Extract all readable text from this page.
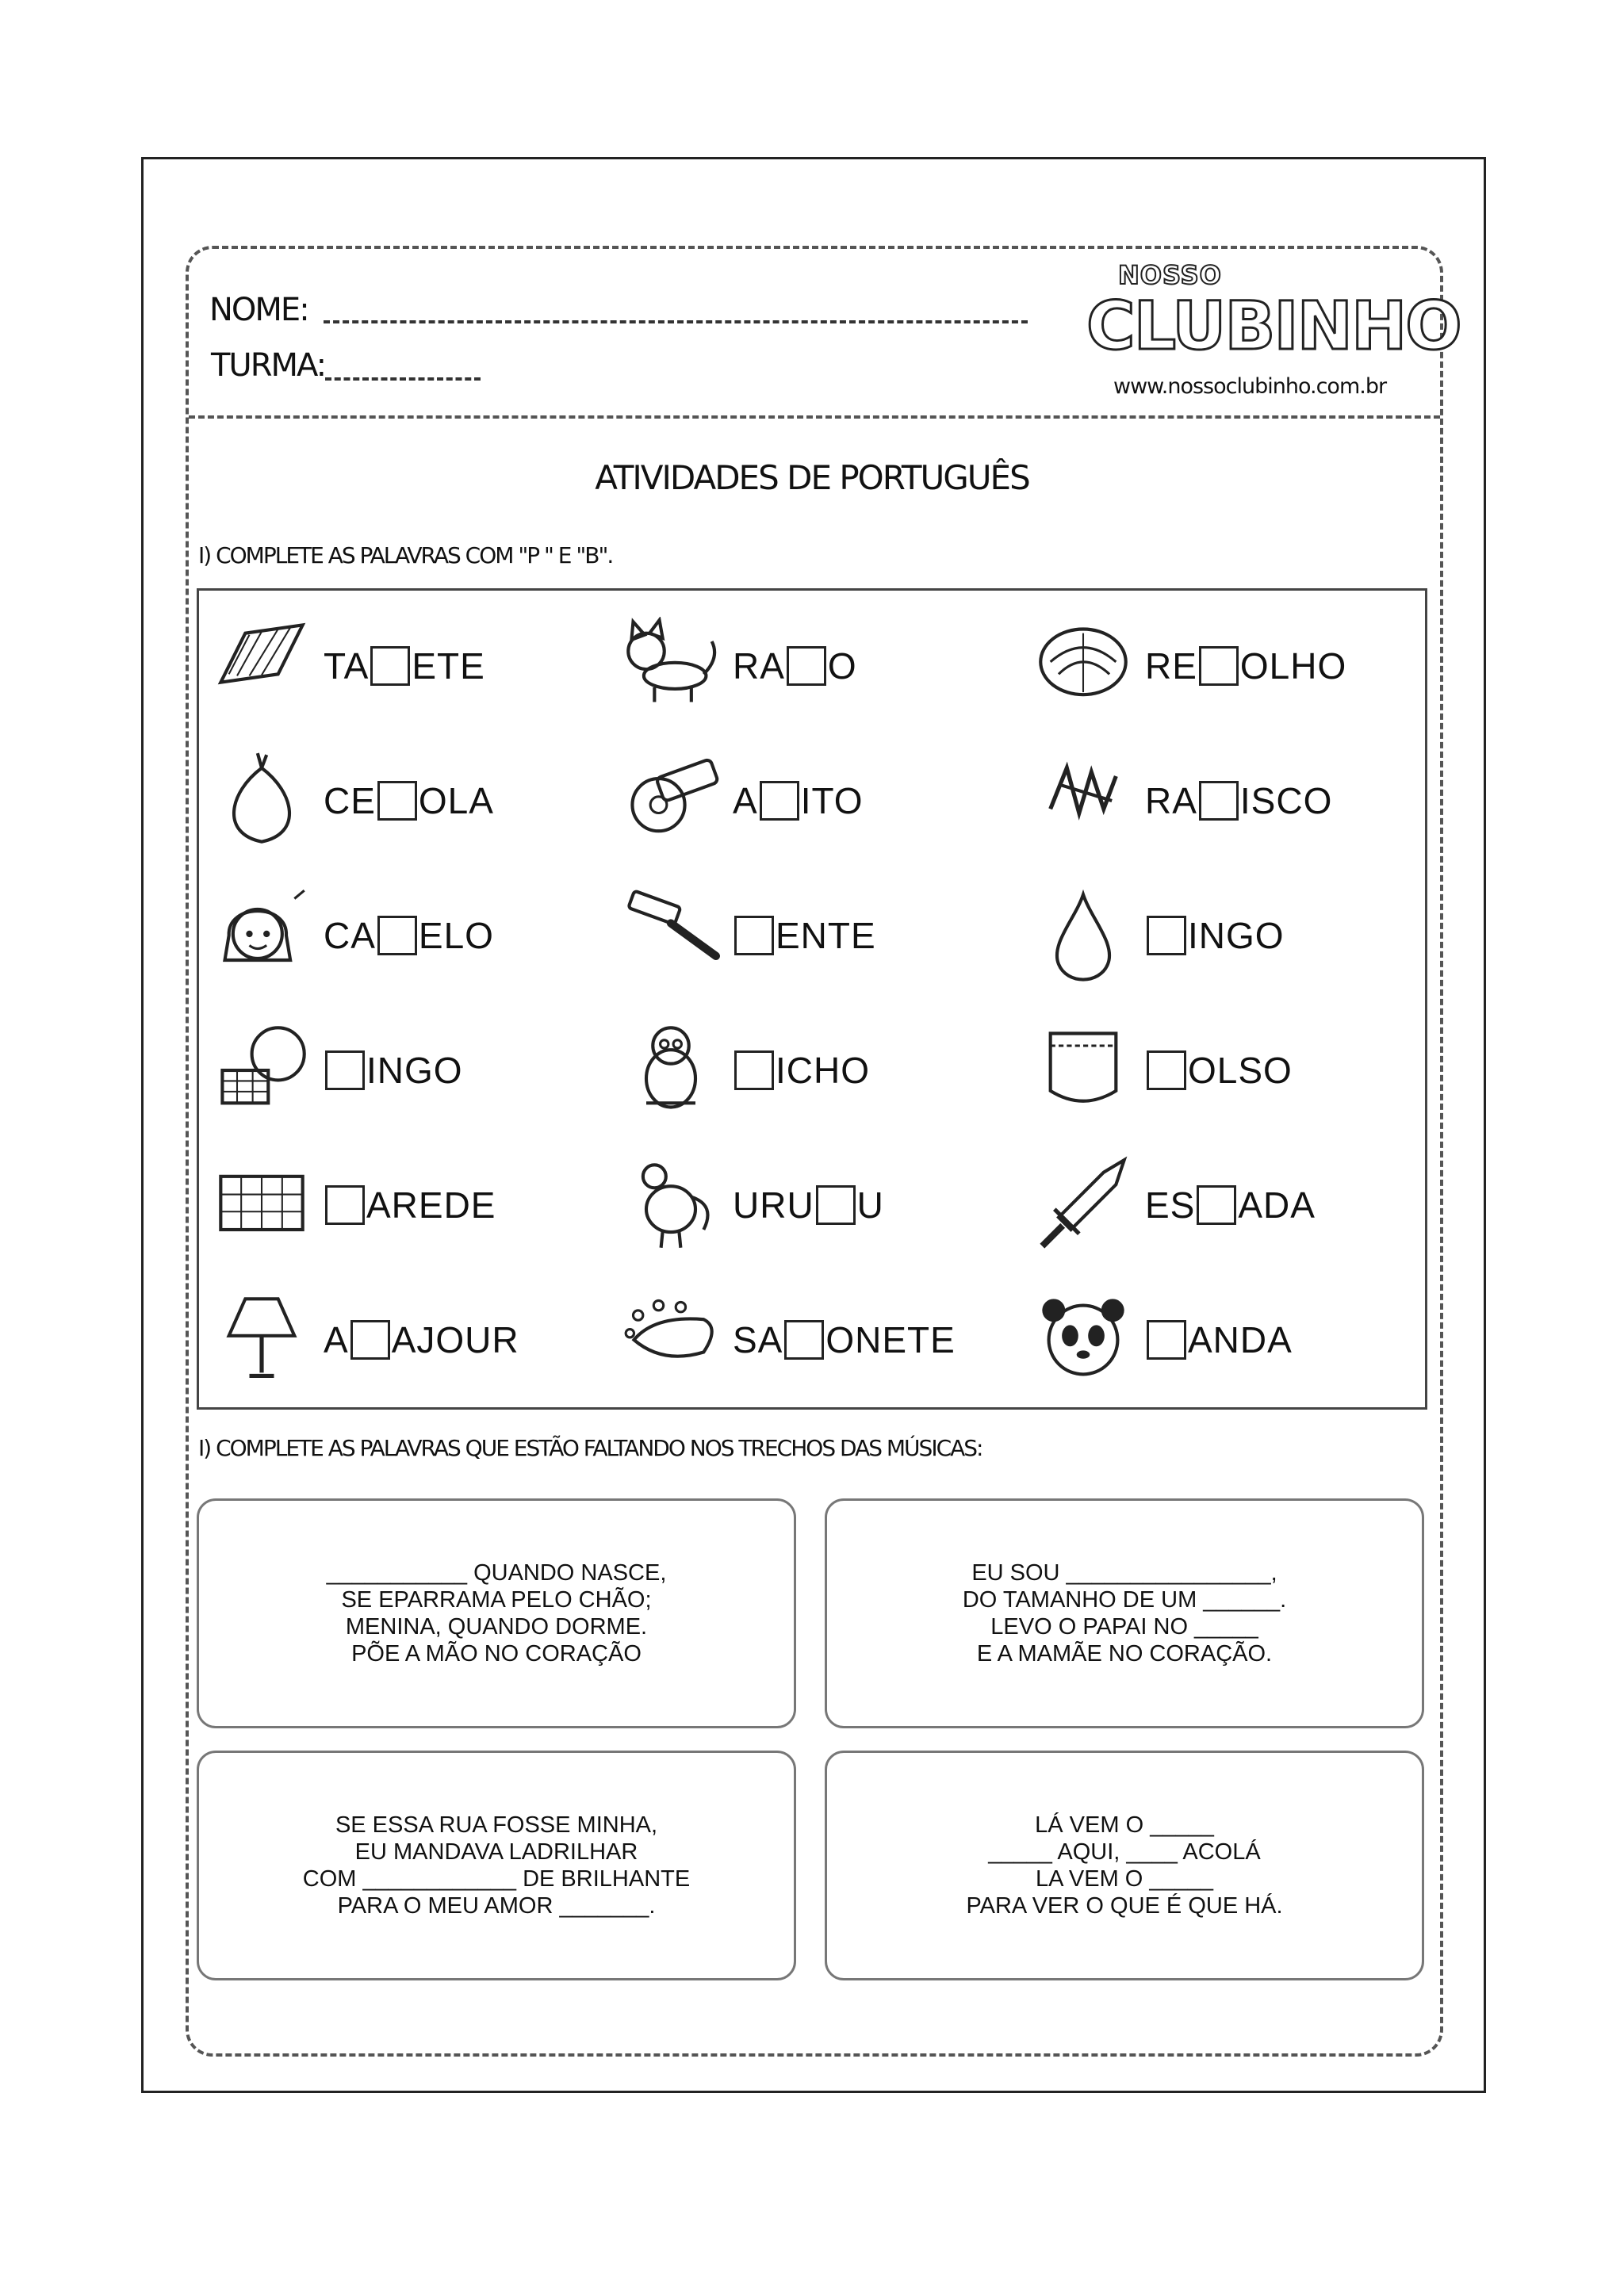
NOME:
TURMA:
NOSSO
CLUBINHO
www.nossoclubinho.com.br
ATIVIDADES DE PORTUGUÊS
I) COMPLETE AS PALAVRAS COM "P " E "B".
TA ETE	RA O	RE OLHO
CE OLA	A ITO	RA ISCO
CA ELO	ENTE	INGO
INGO	ICHO	OLSO
AREDE	URU U	ES ADA
A AJOUR	SA ONETE	ANDA
I) COMPLETE AS PALAVRAS QUE ESTÃO FALTANDO NOS TRECHOS DAS MÚSICAS:
___________ QUANDO NASCE,
SE EPARRAMA PELO CHÃO;
MENINA, QUANDO DORME.
PÕE A MÃO NO CORAÇÃO
EU SOU ________________,
DO TAMANHO DE UM ______.
LEVO O PAPAI NO _____
E A MAMÃE NO CORAÇÃO.
SE ESSA RUA FOSSE MINHA,
EU MANDAVA LADRILHAR
COM ____________ DE BRILHANTE
PARA O MEU AMOR _______.
LÁ VEM O _____
_____ AQUI, ____ ACOLÁ
LA VEM O _____
PARA VER O QUE É QUE HÁ.
